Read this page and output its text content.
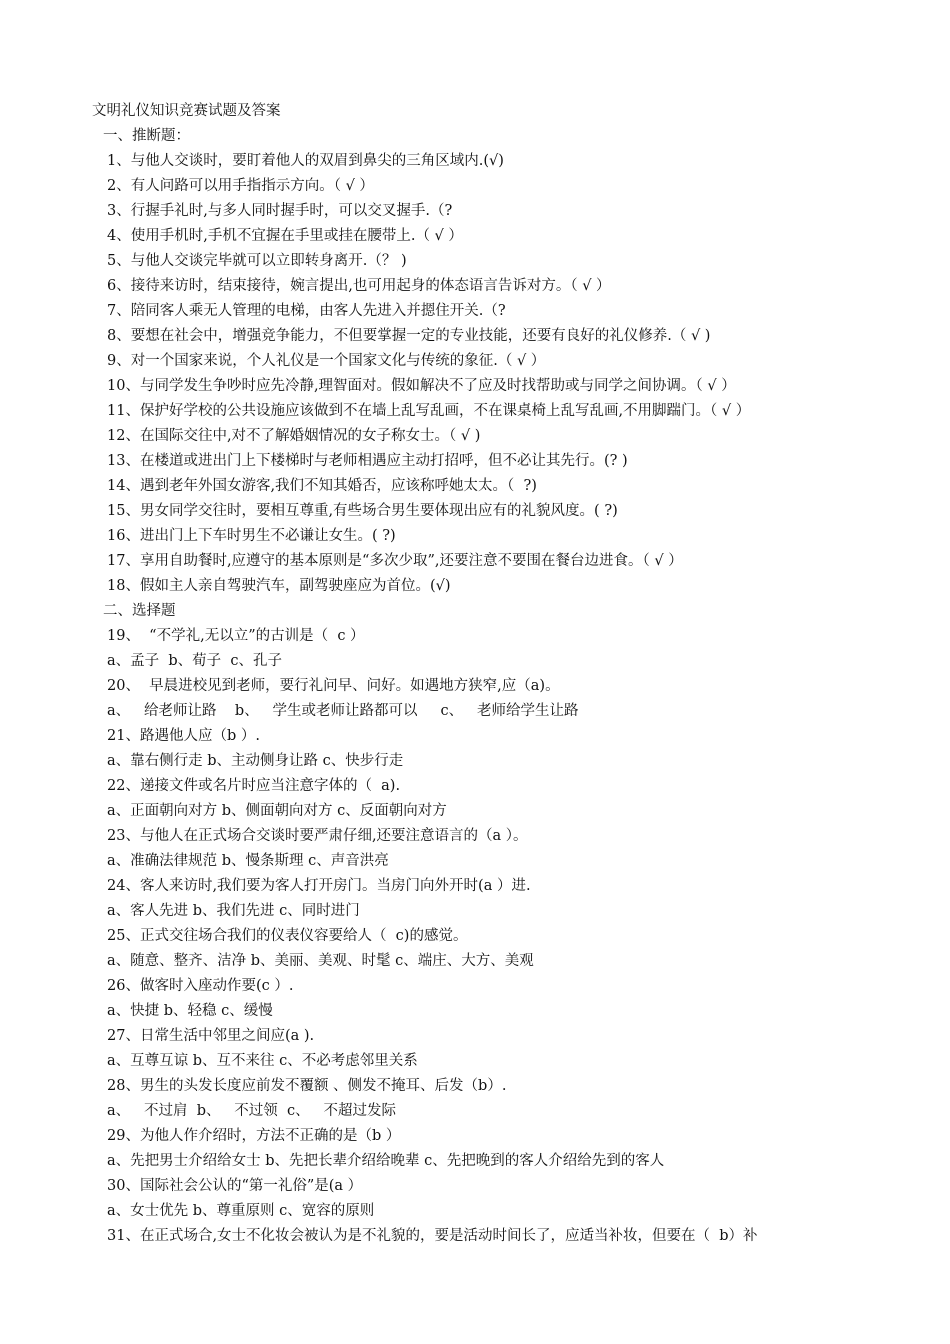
文明礼仪知识竞赛试题及答案
一、推断题：
1、与他人交谈时，要盯着他人的双眉到鼻尖的三角区域内.(√)
2、有人问路可以用手指指示方向。（ √ ）
3、行握手礼时,与多人同时握手时，可以交叉握手.（?
4、使用手机时,手机不宜握在手里或挂在腰带上.（ √ ）
5、与他人交谈完毕就可以立即转身离开.（？ )
6、接待来访时，结束接待，婉言提出,也可用起身的体态语言告诉对方。（ √ ）
7、陪同客人乘无人管理的电梯，由客人先进入并摁住开关.（?
8、要想在社会中，增强竞争能力，不但要掌握一定的专业技能，还要有良好的礼仪修养.（ √ )
9、对一个国家来说，个人礼仪是一个国家文化与传统的象征.（ √ ）
10、与同学发生争吵时应先冷静,理智面对。假如解决不了应及时找帮助或与同学之间协调。（ √ ）
11、保护好学校的公共设施应该做到不在墙上乱写乱画，不在课桌椅上乱写乱画,不用脚踹门。（ √ ）
12、在国际交往中,对不了解婚姻情况的女子称女士。（ √ )
13、在楼道或进出门上下楼梯时与老师相遇应主动打招呼，但不必让其先行。(? )
14、遇到老年外国女游客,我们不知其婚否，应该称呼她太太。（  ?)
15、男女同学交往时，要相互尊重,有些场合男生要体现出应有的礼貌风度。( ?)
16、进出门上下车时男生不必谦让女生。( ?)
17、享用自助餐时,应遵守的基本原则是“多次少取”,还要注意不要围在餐台边进食。（ √ ）
18、假如主人亲自驾驶汽车，副驾驶座应为首位。(√)
二、选择题
19、  “不学礼,无以立”的古训是（  c ）
a、孟子  b、荀子  c、孔子
20、  早晨进校见到老师，要行礼问早、问好。如遇地方狭窄,应（a)。
a、   给老师让路    b、   学生或老师让路都可以     c、   老师给学生让路
21、路遇他人应（b ）.
a、靠右侧行走 b、主动侧身让路 c、快步行走
22、递接文件或名片时应当注意字体的（  a).
a、正面朝向对方 b、侧面朝向对方 c、反面朝向对方
23、与他人在正式场合交谈时要严肃仔细,还要注意语言的（a ）。
a、准确法律规范 b、慢条斯理 c、声音洪亮
24、客人来访时,我们要为客人打开房门。当房门向外开时(a ）进.
a、客人先进 b、我们先进 c、同时进门
25、正式交往场合我们的仪表仪容要给人（  c)的感觉。
a、随意、整齐、洁净 b、美丽、美观、时髦 c、端庄、大方、美观
26、做客时入座动作要(c ）.
a、快捷 b、轻稳 c、缓慢
27、日常生活中邻里之间应(a ).
a、互尊互谅 b、互不来往 c、不必考虑邻里关系
28、男生的头发长度应前发不覆额 、侧发不掩耳、后发（b）.
a、   不过肩  b、   不过领  c、   不超过发际
29、为他人作介绍时，方法不正确的是（b ）
a、先把男士介绍给女士 b、先把长辈介绍给晚辈 c、先把晚到的客人介绍给先到的客人
30、国际社会公认的“第一礼俗”是(a ）
a、女士优先 b、尊重原则 c、宽容的原则
31、在正式场合,女士不化妆会被认为是不礼貌的，要是活动时间长了，应适当补妆，但要在（  b）补
